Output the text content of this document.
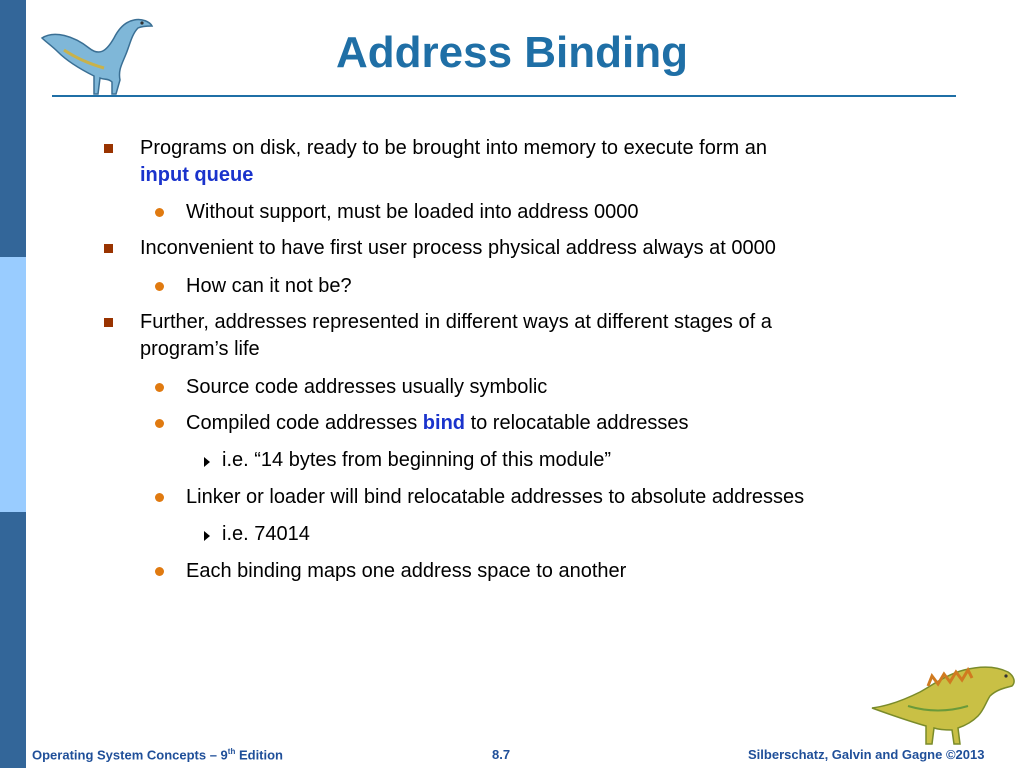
Address Binding
Programs on disk, ready to be brought into memory to execute form an
input queue
Without support, must be loaded into address 0000
Inconvenient to have first user process physical address always at 0000
How can it not be?
Further, addresses represented in different ways at different stages of a
program’s life
Source code addresses usually symbolic
Compiled code addresses bind to relocatable addresses
i.e. “14 bytes from beginning of this module”
Linker or loader will bind relocatable addresses to absolute addresses
i.e. 74014
Each binding maps one address space to another
Operating System Concepts – 9th Edition	8.7	Silberschatz, Galvin and Gagne ©2013
